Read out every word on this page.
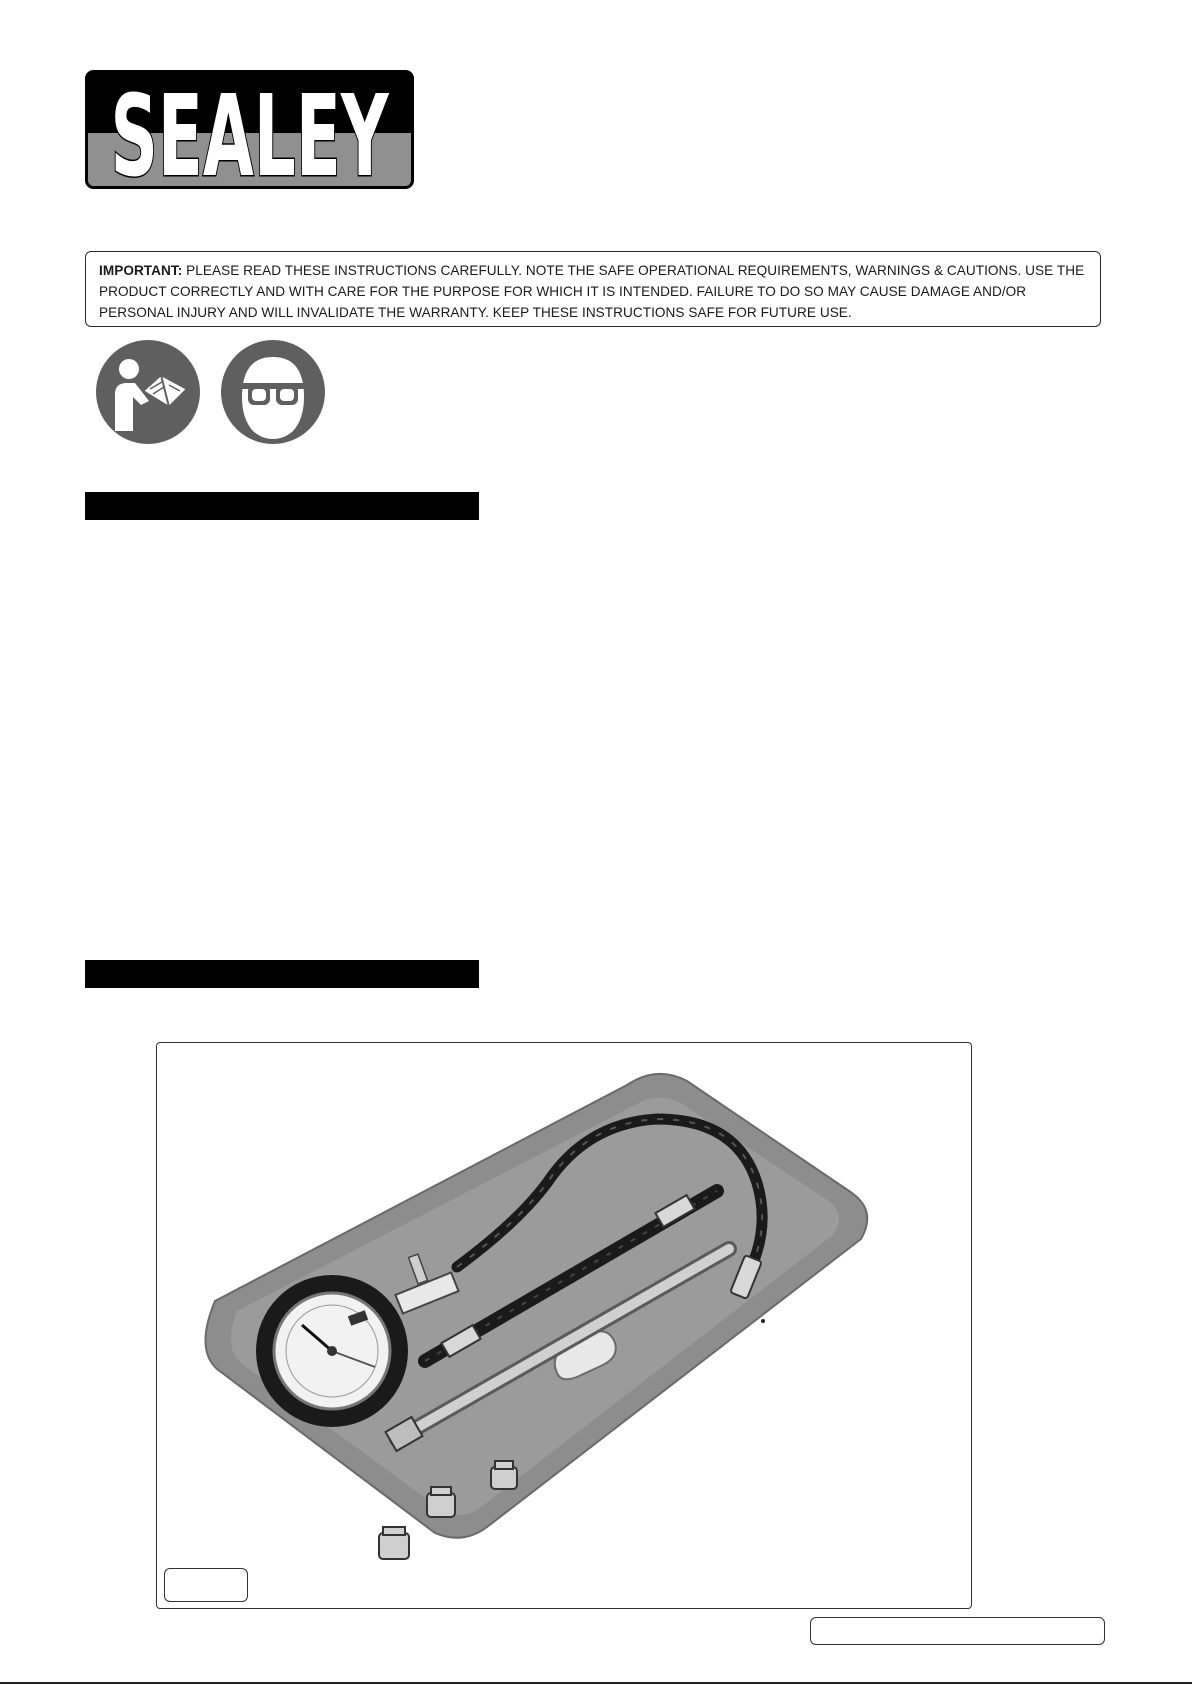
SEALEY
IMPORTANT: PLEASE READ THESE INSTRUCTIONS CAREFULLY. NOTE THE SAFE OPERATIONAL REQUIREMENTS, WARNINGS & CAUTIONS. USE THE PRODUCT CORRECTLY AND WITH CARE FOR THE PURPOSE FOR WHICH IT IS INTENDED. FAILURE TO DO SO MAY CAUSE DAMAGE AND/OR PERSONAL INJURY AND WILL INVALIDATE THE WARRANTY. KEEP THESE INSTRUCTIONS SAFE FOR FUTURE USE.
